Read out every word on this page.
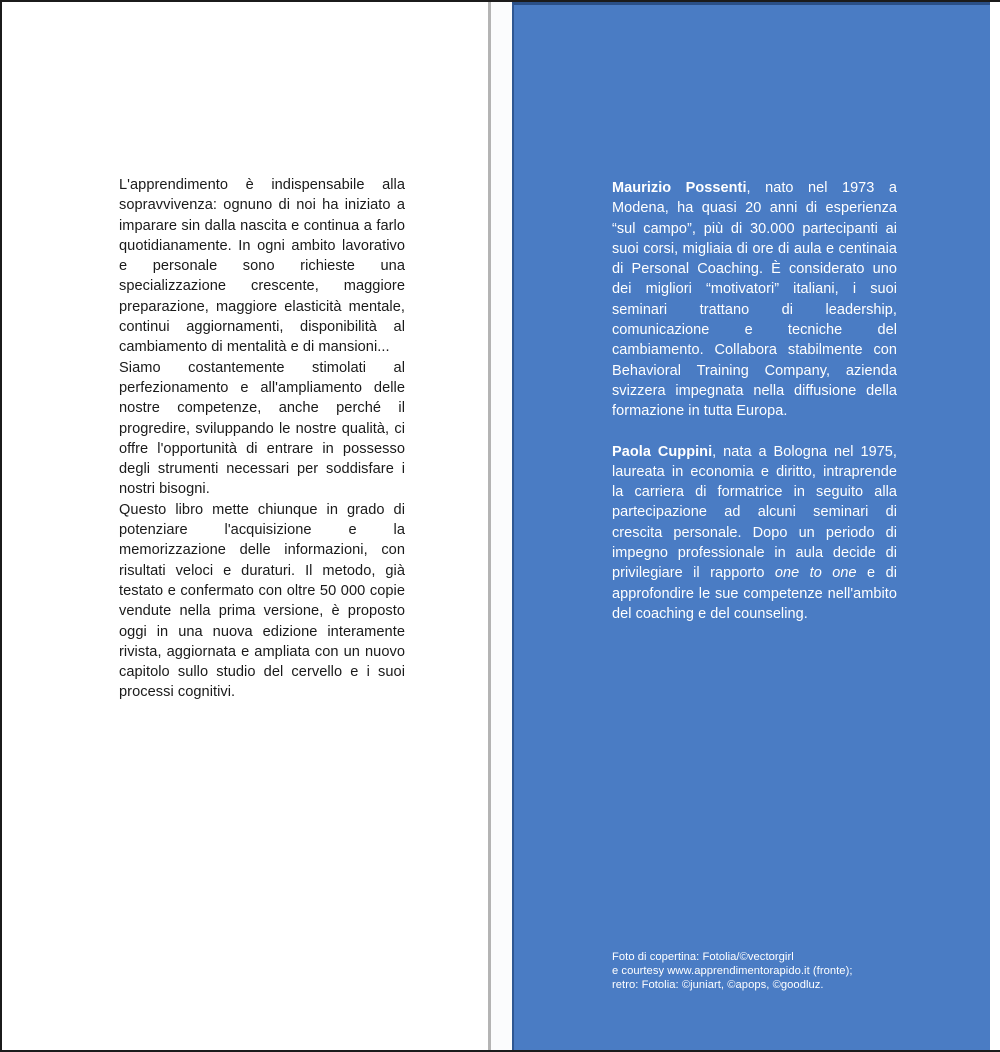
L'apprendimento è indispensabile alla sopravvivenza: ognuno di noi ha iniziato a imparare sin dalla nascita e continua a farlo quotidianamente. In ogni ambito lavorativo e personale sono richieste una specializzazione crescente, maggiore preparazione, maggiore elasticità mentale, continui aggiornamenti, disponibilità al cambiamento di mentalità e di mansioni...

Siamo costantemente stimolati al perfezionamento e all'ampliamento delle nostre competenze, anche perché il progredire, sviluppando le nostre qualità, ci offre l'opportunità di entrare in possesso degli strumenti necessari per soddisfare i nostri bisogni.

Questo libro mette chiunque in grado di potenziare l'acquisizione e la memorizzazione delle informazioni, con risultati veloci e duraturi. Il metodo, già testato e confermato con oltre 50 000 copie vendute nella prima versione, è proposto oggi in una nuova edizione interamente rivista, aggiornata e ampliata con un nuovo capitolo sullo studio del cervello e i suoi processi cognitivi.

Maurizio Possenti, nato nel 1973 a Modena, ha quasi 20 anni di esperienza “sul campo”, più di 30.000 partecipanti ai suoi corsi, migliaia di ore di aula e centinaia di Personal Coaching. È considerato uno dei migliori “motivatori” italiani, i suoi seminari trattano di leadership, comunicazione e tecniche del cambiamento. Collabora stabilmente con Behavioral Training Company, azienda svizzera impegnata nella diffusione della formazione in tutta Europa.

Paola Cuppini, nata a Bologna nel 1975, laureata in economia e diritto, intraprende la carriera di formatrice in seguito alla partecipazione ad alcuni seminari di crescita personale. Dopo un periodo di impegno professionale in aula decide di privilegiare il rapporto one to one e di approfondire le sue competenze nell'ambito del coaching e del counseling.

Foto di copertina: Fotolia/©vectorgirl

e courtesy www.apprendimentorapido.it (fronte);

retro: Fotolia: ©juniart, ©apops, ©goodluz.
